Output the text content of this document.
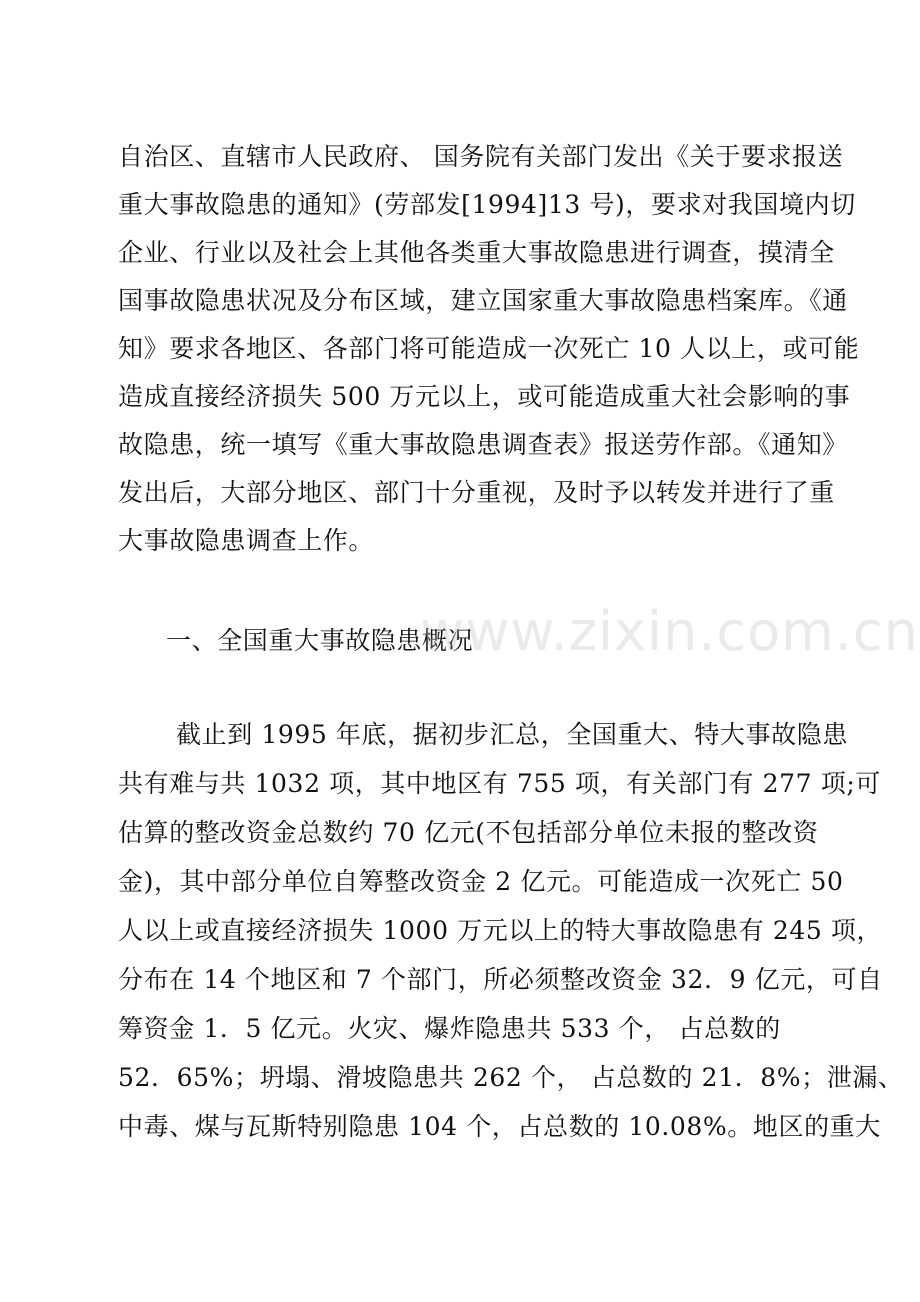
自治区、直辖市人民政府、 国务院有关部门发出《关于要求报送
重大事故隐患的通知》(劳部发[1994]13 号)，要求对我国境内切
企业、行业以及社会上其他各类重大事故隐患进行调查，摸清全
国事故隐患状况及分布区域，建立国家重大事故隐患档案库。《通
知》要求各地区、各部门将可能造成一次死亡 10 人以上，或可能
造成直接经济损失 500 万元以上，或可能造成重大社会影响的事
故隐患，统一填写《重大事故隐患调查表》报送劳作部。《通知》
发出后，大部分地区、部门十分重视，及时予以转发并进行了重
大事故隐患调查上作。
一、全国重大事故隐患概况
截止到 1995 年底，据初步汇总，全国重大、特大事故隐患
共有难与共 1032 项，其中地区有 755 项，有关部门有 277 项;可
估算的整改资金总数约 70 亿元(不包括部分单位未报的整改资
金)，其中部分单位自筹整改资金 2 亿元。可能造成一次死亡 50
人以上或直接经济损失 1000 万元以上的特大事故隐患有 245 项，
分布在 14 个地区和 7 个部门，所必须整改资金 32．9 亿元，可自
筹资金 1．5 亿元。火灾、爆炸隐患共 533 个， 占总数的
52．65%；坍塌、滑坡隐患共 262 个， 占总数的 21．8%；泄漏、
中毒、煤与瓦斯特别隐患 104 个，占总数的 10.08%。地区的重大
www.zixin.com.cn
